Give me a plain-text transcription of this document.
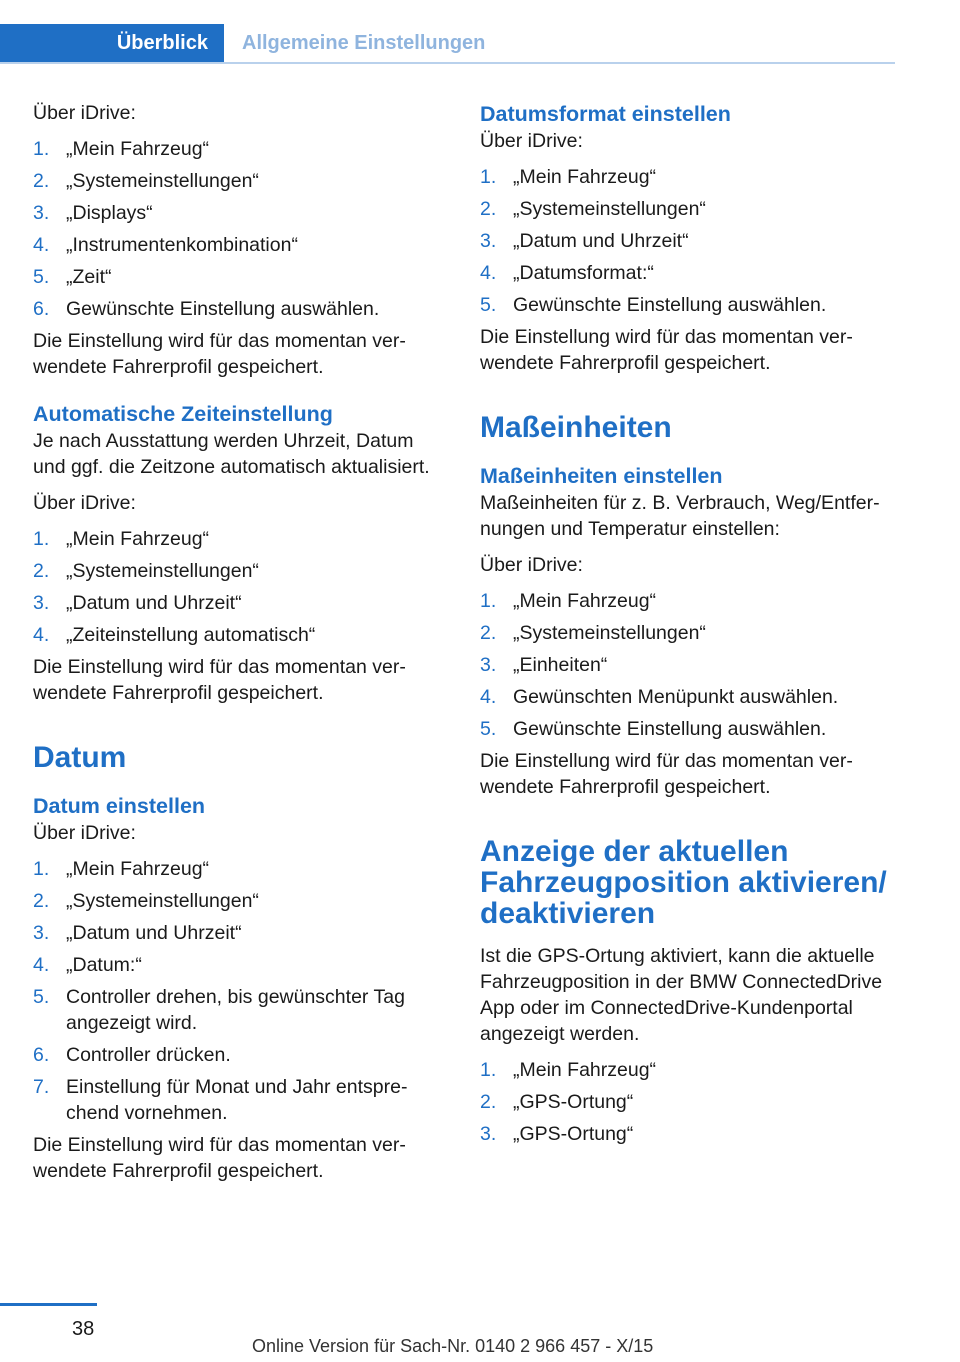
Überblick	Allgemeine Einstellungen

Über iDrive:

1. „Mein Fahrzeug“
2. „Systemeinstellungen“
3. „Displays“
4. „Instrumentenkombination“
5. „Zeit“
6. Gewünschte Einstellung auswählen.

Die Einstellung wird für das momentan ver-wendete Fahrerprofil gespeichert.

Automatische Zeiteinstellung

Je nach Ausstattung werden Uhrzeit, Datum und ggf. die Zeitzone automatisch aktualisiert.

Über iDrive:

1. „Mein Fahrzeug“
2. „Systemeinstellungen“
3. „Datum und Uhrzeit“
4. „Zeiteinstellung automatisch“

Die Einstellung wird für das momentan ver-wendete Fahrerprofil gespeichert.

Datum
Datum einstellen

Über iDrive:

1. „Mein Fahrzeug“
2. „Systemeinstellungen“
3. „Datum und Uhrzeit“
4. „Datum:“
5. Controller drehen, bis gewünschter Tag angezeigt wird.
6. Controller drücken.
7. Einstellung für Monat und Jahr entspre-chend vornehmen.

Die Einstellung wird für das momentan ver-wendete Fahrerprofil gespeichert.

Datumsformat einstellen

Über iDrive:

1. „Mein Fahrzeug“
2. „Systemeinstellungen“
3. „Datum und Uhrzeit“
4. „Datumsformat:“
5. Gewünschte Einstellung auswählen.

Die Einstellung wird für das momentan ver-wendete Fahrerprofil gespeichert.

Maßeinheiten
Maßeinheiten einstellen

Maßeinheiten für z. B. Verbrauch, Weg/Entfer-nungen und Temperatur einstellen:

Über iDrive:

1. „Mein Fahrzeug“
2. „Systemeinstellungen“
3. „Einheiten“
4. Gewünschten Menüpunkt auswählen.
5. Gewünschte Einstellung auswählen.

Die Einstellung wird für das momentan ver-wendete Fahrerprofil gespeichert.

Anzeige der aktuellen Fahrzeugposition aktivieren/ deaktivieren

Ist die GPS-Ortung aktiviert, kann die aktuelle Fahrzeugposition in der BMW ConnectedDrive App oder im ConnectedDrive-Kundenportal angezeigt werden.

1. „Mein Fahrzeug“
2. „GPS-Ortung“
3. „GPS-Ortung“
38
Online Version für Sach-Nr. 0140 2 966 457 - X/15
